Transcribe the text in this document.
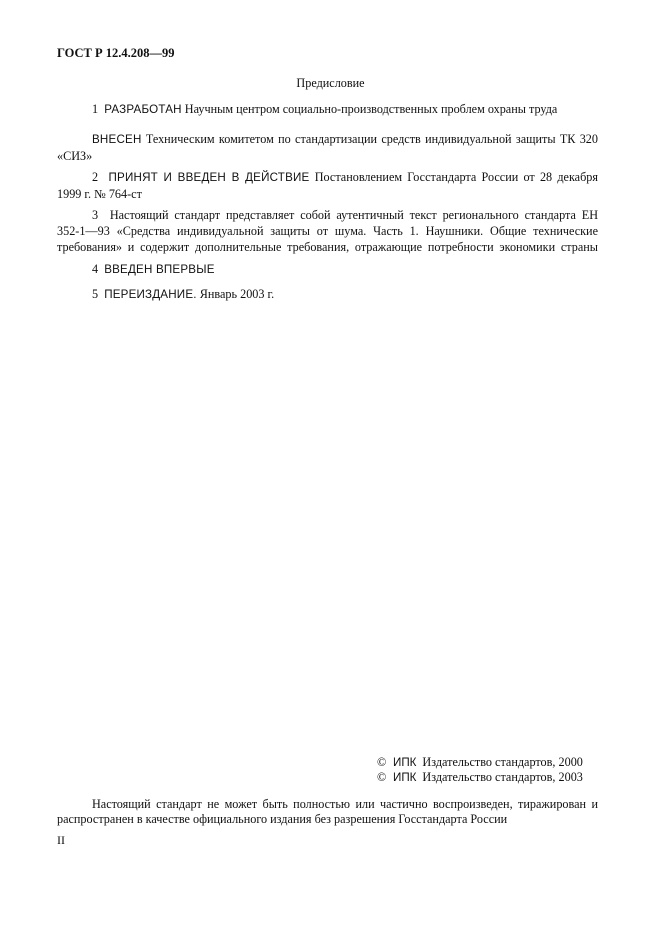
ГОСТ Р 12.4.208—99
Предисловие
1 РАЗРАБОТАН Научным центром социально-производственных проблем охраны труда
ВНЕСЕН Техническим комитетом по стандартизации средств индивидуальной защиты ТК 320
«СИЗ»
2 ПРИНЯТ И ВВЕДЕН В ДЕЙСТВИЕ Постановлением Госстандарта России от 28 декабря
1999 г. № 764-ст
3 Настоящий стандарт представляет собой аутентичный текст регионального стандарта ЕН
352-1—93 «Средства индивидуальной защиты от шума. Часть 1. Наушники. Общие технические
требования» и содержит дополнительные требования, отражающие потребности экономики страны
4 ВВЕДЕН ВПЕРВЫЕ
5 ПЕРЕИЗДАНИЕ. Январь 2003 г.
© ИПК Издательство стандартов, 2000
© ИПК Издательство стандартов, 2003
Настоящий стандарт не может быть полностью или частично воспроизведен, тиражирован и
распространен в качестве официального издания без разрешения Госстандарта России
II
